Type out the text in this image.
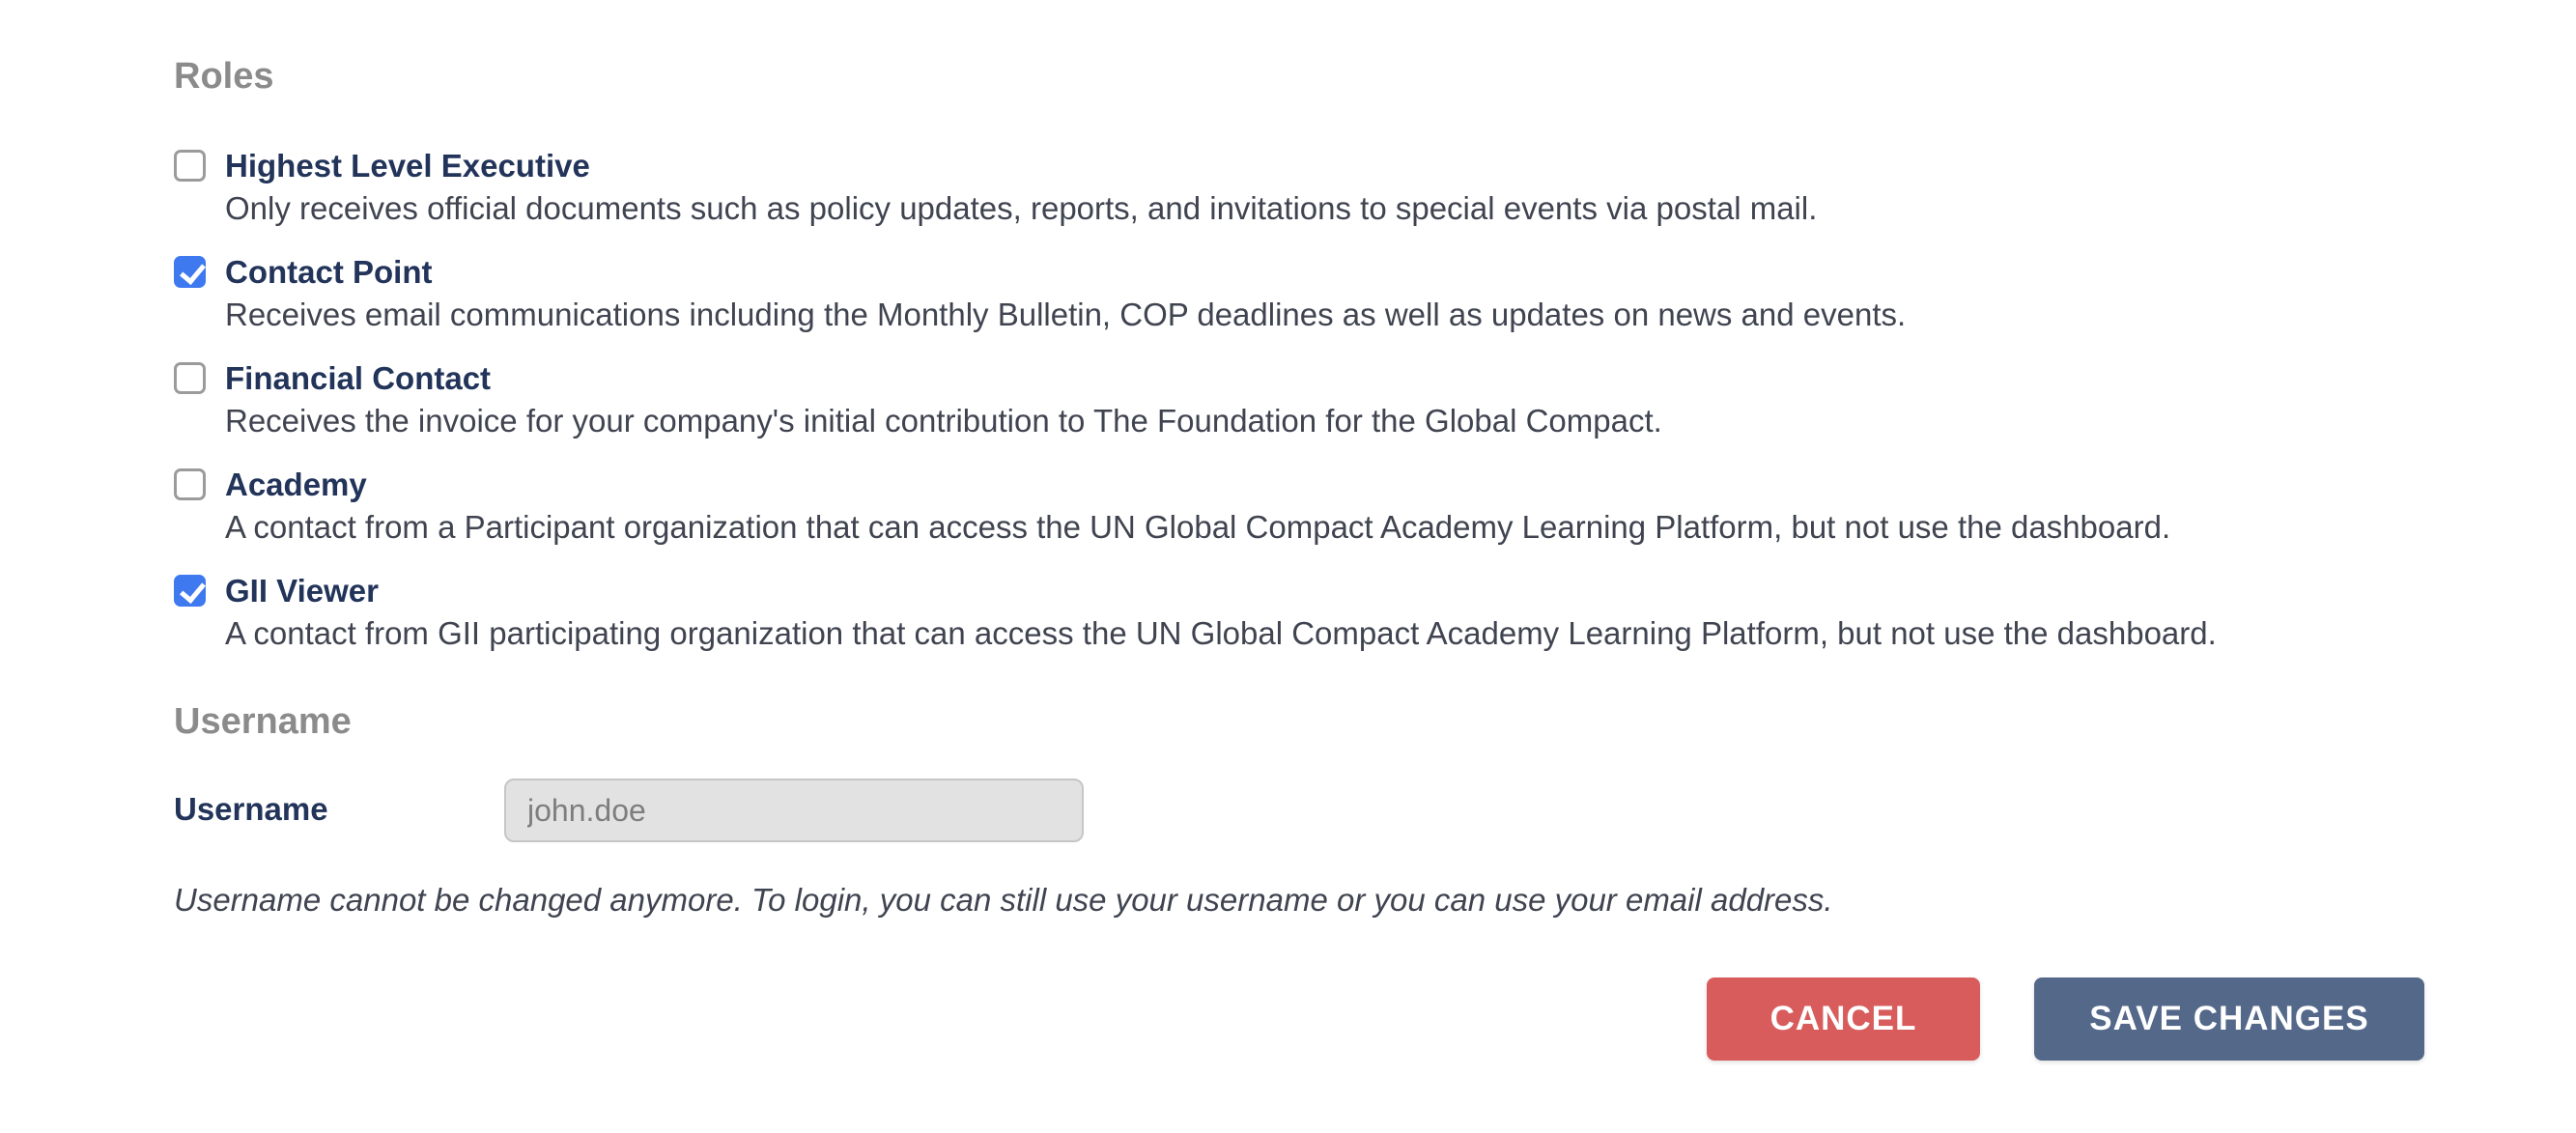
Roles
Highest Level Executive
Only receives official documents such as policy updates, reports, and invitations to special events via postal mail.
Contact Point
Receives email communications including the Monthly Bulletin, COP deadlines as well as updates on news and events.
Financial Contact
Receives the invoice for your company's initial contribution to The Foundation for the Global Compact.
Academy
A contact from a Participant organization that can access the UN Global Compact Academy Learning Platform, but not use the dashboard.
GII Viewer
A contact from GII participating organization that can access the UN Global Compact Academy Learning Platform, but not use the dashboard.
Username
Username
john.doe
Username cannot be changed anymore. To login, you can still use your username or you can use your email address.
CANCEL	SAVE CHANGES
